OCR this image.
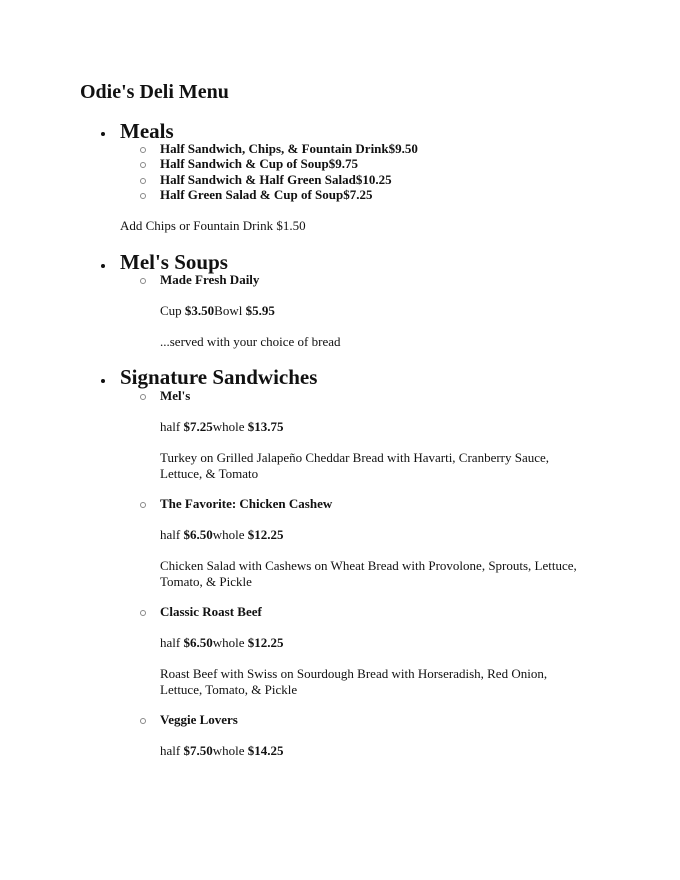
Odie's Deli Menu
Meals
Half Sandwich, Chips, & Fountain Drink$9.50
Half Sandwich & Cup of Soup$9.75
Half Sandwich & Half Green Salad$10.25
Half Green Salad & Cup of Soup$7.25
Add Chips or Fountain Drink $1.50
Mel's Soups
Made Fresh Daily
Cup $3.50Bowl $5.95
...served with your choice of bread
Signature Sandwiches
Mel's
half $7.25whole $13.75
Turkey on Grilled Jalapeño Cheddar Bread with Havarti, Cranberry Sauce,
Lettuce, & Tomato
The Favorite: Chicken Cashew
half $6.50whole $12.25
Chicken Salad with Cashews on Wheat Bread with Provolone, Sprouts, Lettuce,
Tomato, & Pickle
Classic Roast Beef
half $6.50whole $12.25
Roast Beef with Swiss on Sourdough Bread with Horseradish, Red Onion,
Lettuce, Tomato, & Pickle
Veggie Lovers
half $7.50whole $14.25
